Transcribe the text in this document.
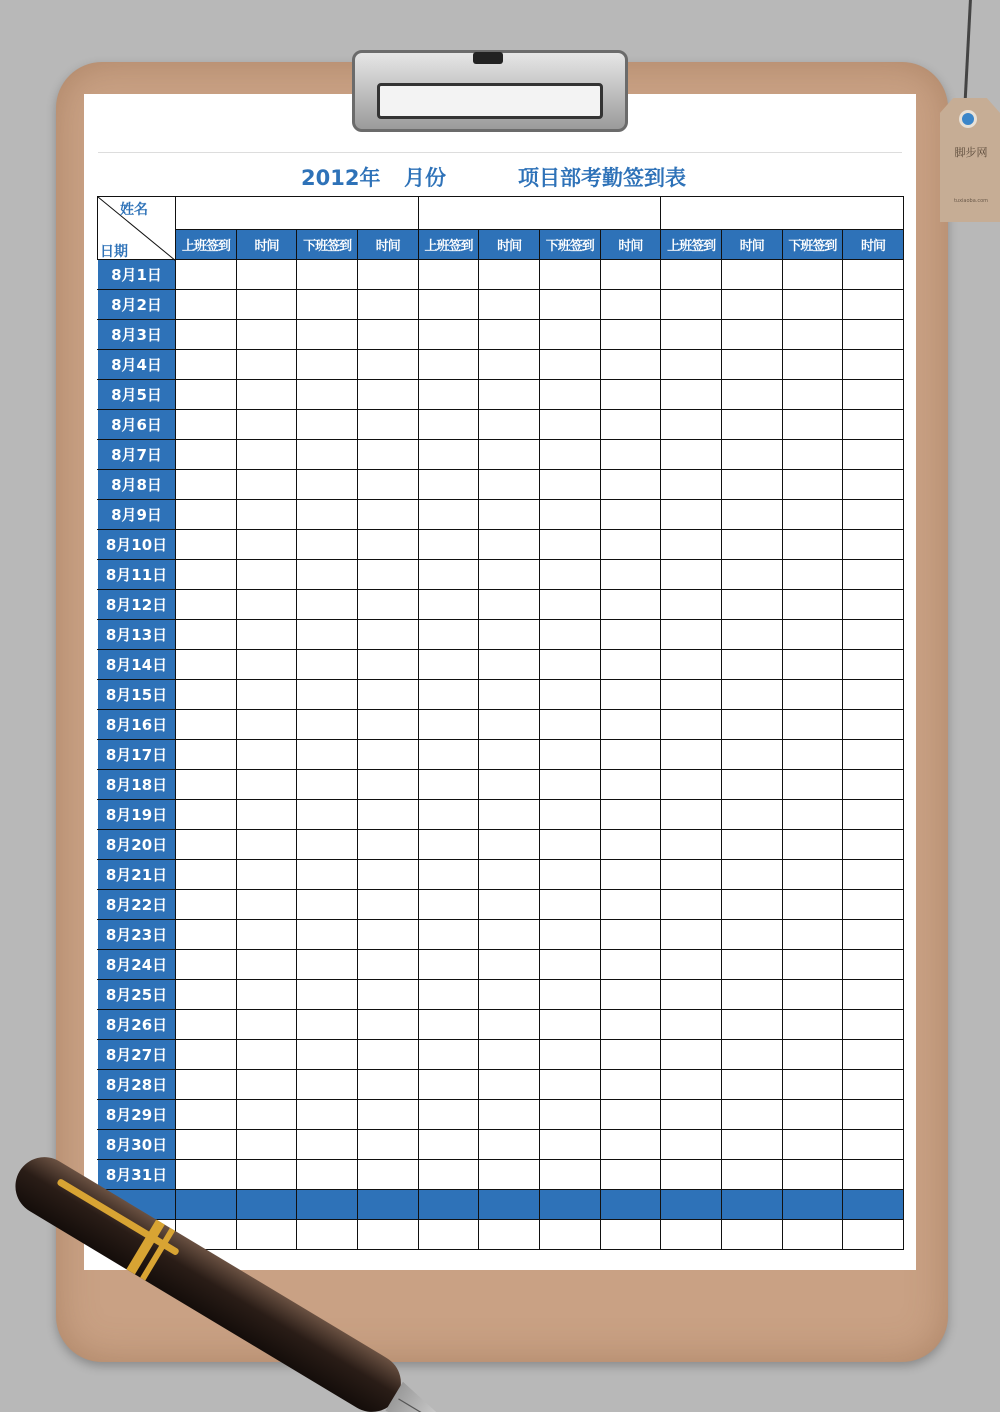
脚步网
tuxiaoba.com
2012年 月份	项目部考勤签到表
姓名
日期												

	上班签到	时间	下班签到	时间	上班签到	时间	下班签到	时间	上班签到	时间	下班签到	时间
8月1日												
8月2日												
8月3日												
8月4日												
8月5日												
8月6日												
8月7日												
8月8日												
8月9日												
8月10日												
8月11日												
8月12日												
8月13日												
8月14日												
8月15日												
8月16日												
8月17日												
8月18日												
8月19日												
8月20日												
8月21日												
8月22日												
8月23日												
8月24日												
8月25日												
8月26日												
8月27日												
8月28日												
8月29日												
8月30日												
8月31日												
